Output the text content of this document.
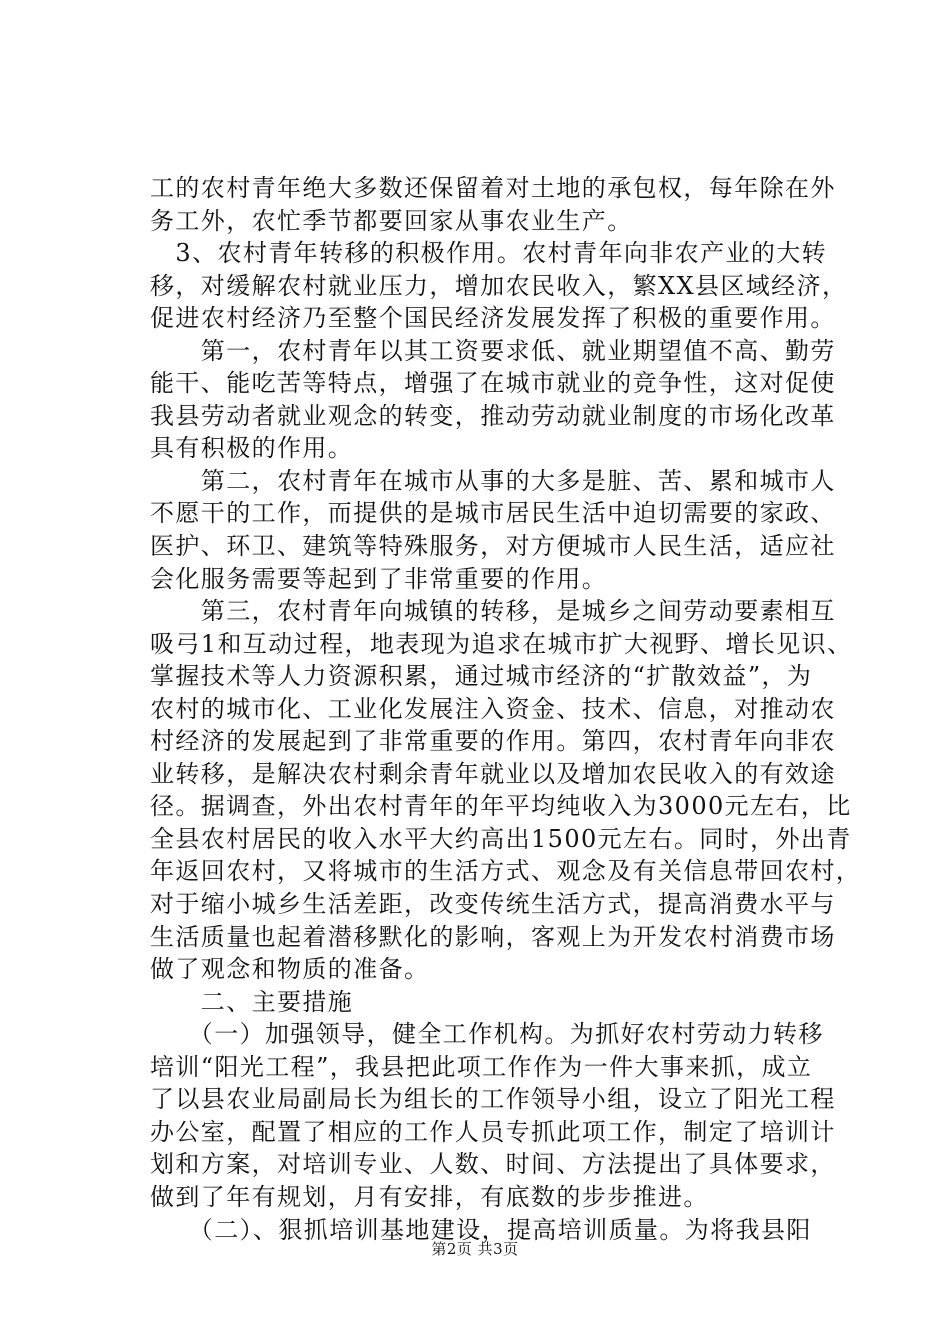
工的农村青年绝大多数还保留着对土地的承包权，每年除在外
务工外，农忙季节都要回家从事农业生产。
　3、农村青年转移的积极作用。农村青年向非农产业的大转
移，对缓解农村就业压力，增加农民收入，繁XX县区域经济，
促进农村经济乃至整个国民经济发展发挥了积极的重要作用。
　　第一，农村青年以其工资要求低、就业期望值不高、勤劳
能干、能吃苦等特点，增强了在城市就业的竞争性，这对促使
我县劳动者就业观念的转变，推动劳动就业制度的市场化改革
具有积极的作用。
　　第二，农村青年在城市从事的大多是脏、苦、累和城市人
不愿干的工作，而提供的是城市居民生活中迫切需要的家政、
医护、环卫、建筑等特殊服务，对方便城市人民生活，适应社
会化服务需要等起到了非常重要的作用。
　　第三，农村青年向城镇的转移，是城乡之间劳动要素相互
吸弓1和互动过程，地表现为追求在城市扩大视野、增长见识、
掌握技术等人力资源积累，通过城市经济的“扩散效益”，为
农村的城市化、工业化发展注入资金、技术、信息，对推动农
村经济的发展起到了非常重要的作用。第四，农村青年向非农
业转移，是解决农村剩余青年就业以及增加农民收入的有效途
径。据调查，外出农村青年的年平均纯收入为3000元左右，比
全县农村居民的收入水平大约高出1500元左右。同时，外出青
年返回农村，又将城市的生活方式、观念及有关信息带回农村，
对于缩小城乡生活差距，改变传统生活方式，提高消费水平与
生活质量也起着潜移默化的影响，客观上为开发农村消费市场
做了观念和物质的准备。
　　二、主要措施
　　（一）加强领导，健全工作机构。为抓好农村劳动力转移
培训“阳光工程”，我县把此项工作作为一件大事来抓，成立
了以县农业局副局长为组长的工作领导小组，设立了阳光工程
办公室，配置了相应的工作人员专抓此项工作，制定了培训计
划和方案，对培训专业、人数、时间、方法提出了具体要求，
做到了年有规划，月有安排，有底数的步步推进。
　　（二）、狠抓培训基地建设，提高培训质量。为将我县阳
第2页 共3页
